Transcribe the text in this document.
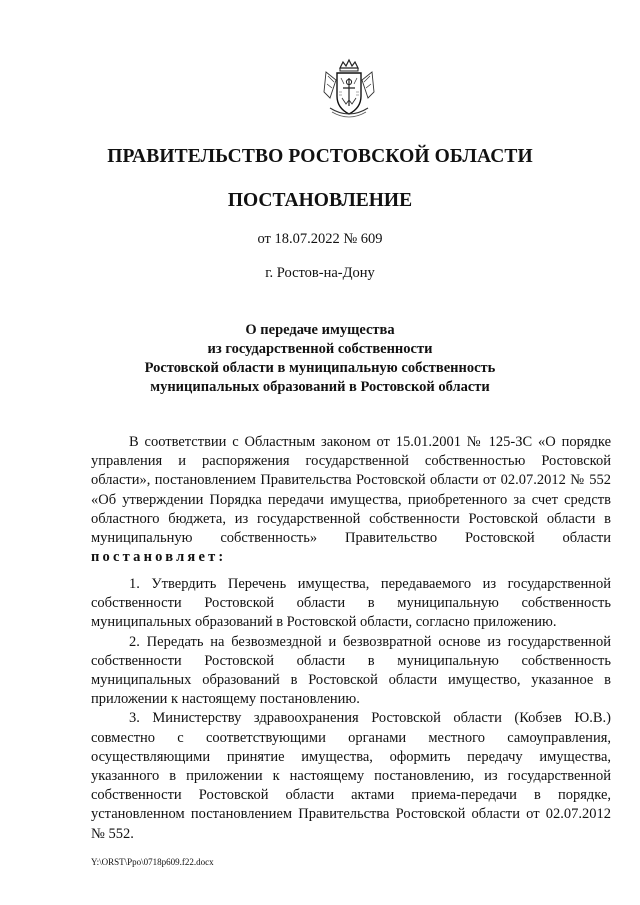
ПРАВИТЕЛЬСТВО РОСТОВСКОЙ ОБЛАСТИ
ПОСТАНОВЛЕНИЕ
от 18.07.2022 № 609
г. Ростов-на-Дону
О передаче имущества
из государственной собственности
Ростовской области в муниципальную собственность
муниципальных образований в Ростовской области

В соответствии с Областным законом от 15.01.2001 № 125-ЗС «О порядке управления и распоряжения государственной собственностью Ростовской области», постановлением Правительства Ростовской области от 02.07.2012 № 552 «Об утверждении Порядка передачи имущества, приобретенного за счет средств областного бюджета, из государственной собственности Ростовской области в муниципальную собственность» Правительство Ростовской области постановляет:

1. Утвердить Перечень имущества, передаваемого из государственной собственности Ростовской области в муниципальную собственность муниципальных образований в Ростовской области, согласно приложению.

2. Передать на безвозмездной и безвозвратной основе из государственной собственности Ростовской области в муниципальную собственность муниципальных образований в Ростовской области имущество, указанное в приложении к настоящему постановлению.

3. Министерству здравоохранения Ростовской области (Кобзев Ю.В.) совместно с соответствующими органами местного самоуправления, осуществляющими принятие имущества, оформить передачу имущества, указанного в приложении к настоящему постановлению, из государственной собственности Ростовской области актами приема-передачи в порядке, установленном постановлением Правительства Ростовской области от 02.07.2012 № 552.

Y:\ORST\Ppo\0718p609.f22.docx
